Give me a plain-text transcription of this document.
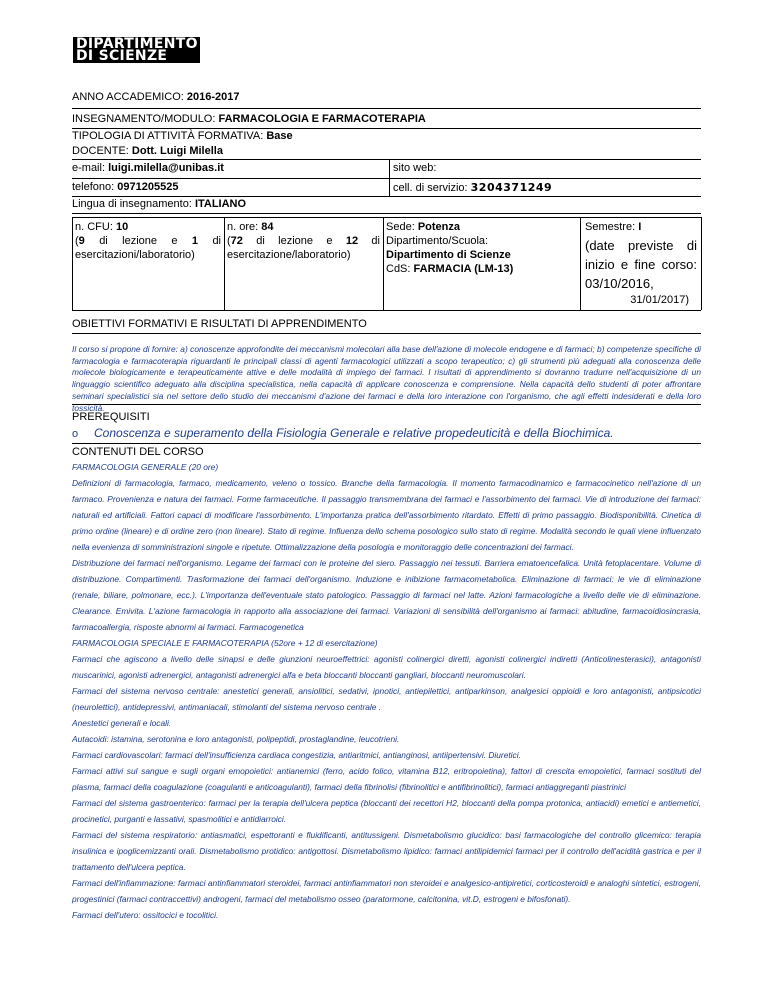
DIPARTIMENTO
DI SCIENZE
ANNO ACCADEMICO: 2016-2017
INSEGNAMENTO/MODULO: FARMACOLOGIA E FARMACOTERAPIA
TIPOLOGIA DI ATTIVITÀ FORMATIVA: Base
DOCENTE: Dott. Luigi Milella
e-mail: luigi.milella@unibas.it	sito web:
telefono: 0971205525	cell. di servizio: 3204371249
Lingua di insegnamento: ITALIANO
n. CFU: 10
(9 di lezione e 1 di esercitazioni/laboratorio)
n. ore: 84
(72 di lezione e 12 di esercitazione/laboratorio)
Sede: Potenza
Dipartimento/Scuola:
Dipartimento di Scienze
CdS: FARMACIA (LM-13)
Semestre: I
(date previste di inizio e fine corso: 03/10/2016,
31/01/2017)
OBIETTIVI FORMATIVI E RISULTATI DI APPRENDIMENTO
Il corso si propone di fornire: a) conoscenze approfondite dei meccanismi molecolari alla base dell'azione di molecole endogene e di farmaci; b) competenze specifiche di farmacologia e farmacoterapia riguardanti le principali classi di agenti farmacologici utilizzati a scopo terapeutico; c) gli strumenti più adeguati alla conoscenza delle molecole biologicamente e terapeuticamente attive e delle modalità di impiego dei farmaci. I risultati di apprendimento si dovranno tradurre nell'acquisizione di un linguaggio scientifico adeguato alla disciplina specialistica, nella capacità di applicare conoscenza e comprensione. Nella capacità dello studenti di poter affrontare seminari specialistici sia nel settore dello studio dei meccanismi d'azione dei farmaci e della loro interazione con l'organismo, che agli effetti indesiderati e della loro tossicità.
PREREQUISITI
o Conoscenza e superamento della Fisiologia Generale e relative propedeuticità e della Biochimica.
CONTENUTI DEL CORSO

FARMACOLOGIA GENERALE (20 ore)

Definizioni di farmacologia, farmaco, medicamento, veleno o tossico. Branche della farmacologia. Il momento farmacodinamico e farmacocinetico nell'azione di un farmaco. Provenienza e natura dei farmaci. Forme farmaceutiche. Il passaggio transmembrana dei farmaci e l'assorbimento dei farmaci. Vie di introduzione dei farmaci: naturali ed artificiali. Fattori capaci di modificare l'assorbimento. L'importanza pratica dell'assorbimento ritardato. Effetti di primo passaggio. Biodisponibilità. Cinetica di primo ordine (lineare) e di ordine zero (non lineare). Stato di regime. Influenza dello schema posologico sullo stato di regime. Modalità secondo le quali viene influenzato nella evenienza di somministrazioni singole e ripetute. Ottimalizzazione della posologia e monitoraggio delle concentrazioni dei farmaci.

Distribuzione dei farmaci nell'organismo. Legame dei farmaci con le proteine del siero. Passaggio nei tessuti. Barriera ematoencefalica. Unità fetoplacentare. Volume di distribuzione. Compartimenti. Trasformazione dei farmaci dell'organismo. Induzione e inibizione farmacometabolica. Eliminazione di farmaci: le vie di eliminazione (renale, biliare, polmonare, ecc.). L'importanza dell'eventuale stato patologico. Passaggio di farmaci nel latte. Azioni farmacologiche a livello delle vie di eliminazione. Clearance. Emivita. L'azione farmacologia in rapporto alla associazione dei farmaci. Variazioni di sensibilità dell'organismo ai farmaci: abitudine, farmacoidiosincrasia, farmacoallergia, risposte abnormi ai farmaci. Farmacogenetica

FARMACOLOGIA SPECIALE E FARMACOTERAPIA (52ore + 12 di esercitazione)

Farmaci che agiscono a livello delle sinapsi e delle giunzioni neuroeffettrici: agonisti colinergici diretti, agonisti colinergici indiretti (Anticolinesterasici), antagonisti muscarinici, agonisti adrenergici, antagonisti adrenergici alfa e beta bloccanti bloccanti gangliari, bloccanti neuromuscolari.

Farmaci del sistema nervoso centrale: anestetici generali, ansiolitici, sedativi, ipnotici, antiepilettici, antiparkinson, analgesici oppioidi e loro antagonisti, antipsicotici (neurolettici), antidepressivi, antimaniacali, stimolanti del sistema nervoso centrale .

Anestetici generali e locali.

Autacoidi: istamina, serotonina e loro antagonisti, polipeptidi, prostaglandine, leucotrieni.

Farmaci cardiovascolari: farmaci dell'insufficienza cardiaca congestizia, antiaritmici, antianginosi, antiipertensivi. Diuretici.

Farmaci attivi sul sangue e sugli organi emopoietici: antianemici (ferro, acido folico, vitamina B12, eritropoietina), fattori di crescita emopoietici, farmaci sostituti del plasma, farmaci della coagulazione (coagulanti e anticoagulanti), farmaci della fibrinolisi (fibrinolitici e antifibrinolitici), farmaci antiaggreganti piastrinici

Farmaci del sistema gastroenterico: farmaci per la terapia dell'ulcera peptica (bloccanti dei recettori H2, bloccanti della pompa protonica, antiacidi) emetici e antiemetici, procinetici, purganti e lassativi, spasmolitici e antidiarroici.

Farmaci del sistema respiratorio: antiasmatici, espettoranti e fluidificanti, antitussigeni. Dismetabolismo glucidico: basi farmacologiche del controllo glicemico: terapia insulinica e ipoglicemizzanti orali. Dismetabolismo protidico: antigottosi. Dismetabolismo lipidico: farmaci antilipidemici farmaci per il controllo dell'acidità gastrica e per il trattamento dell'ulcera peptica.

Farmaci dell'infiammazione: farmaci antinfiammatori steroidei, farmaci antinfiammatori non steroidei e analgesico-antipiretici, corticosteroidi e analoghi sintetici, estrogeni, progestinici (farmaci contraccettivi) androgeni, farmaci del metabolismo osseo (paratormone, calcitonina, vit.D, estrogeni e bifosfonati).

Farmaci dell'utero: ossitocici e tocolitici.
